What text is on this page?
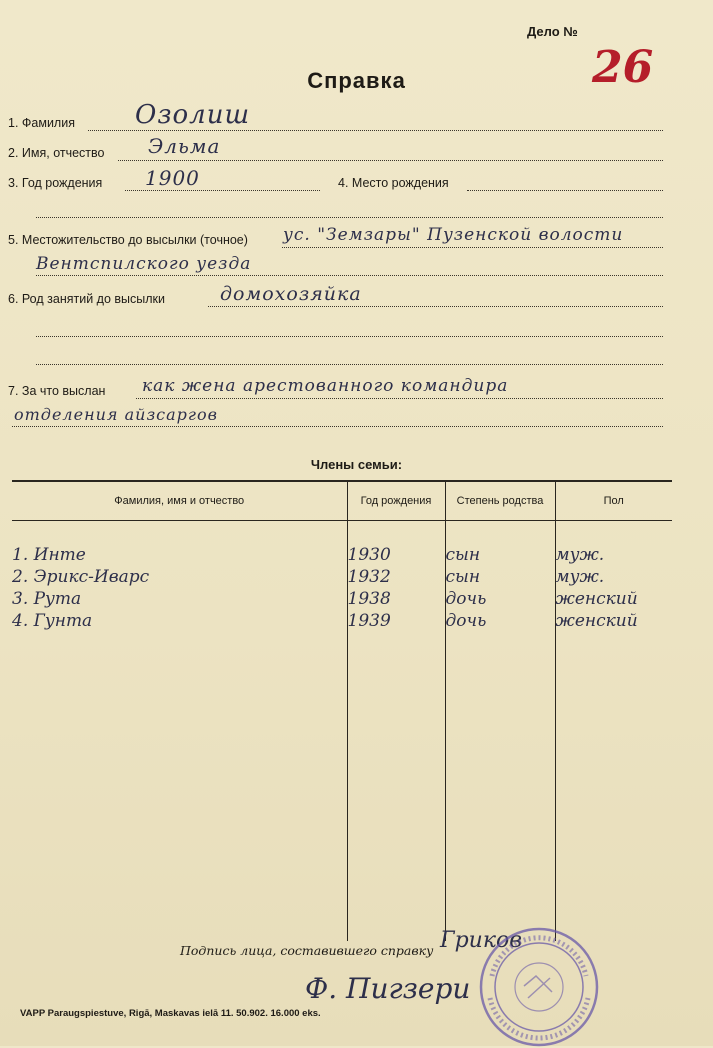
Дело №
26
Справка
1. Фамилия Озолиш
2. Имя, отчество Эльма
3. Год рождения 1900	4. Место рождения
5. Местожительство до высылки (точное) ус. "Земзары" Пузенской волости
Вентспилского уезда
6. Род занятий до высылки	домохозяйка
7. За что выслан как жена арестованного командира
отделения айзсаргов
Члены семьи:
Фамилия, имя и отчество	Год рождения	Степень родства	Пол
1. Инте	1930	сын	муж.
2. Эрикс-Иварс	1932	сын	муж.
3. Рута	1938	дочь	женский
4. Гунта	1939	дочь	женский

Подпись лица, составившего справку Гриков
Ф. Пигзери
VAPP Paraugspiestuve, Rigā, Maskavas ielā 11. 50.902. 16.000 eks.
